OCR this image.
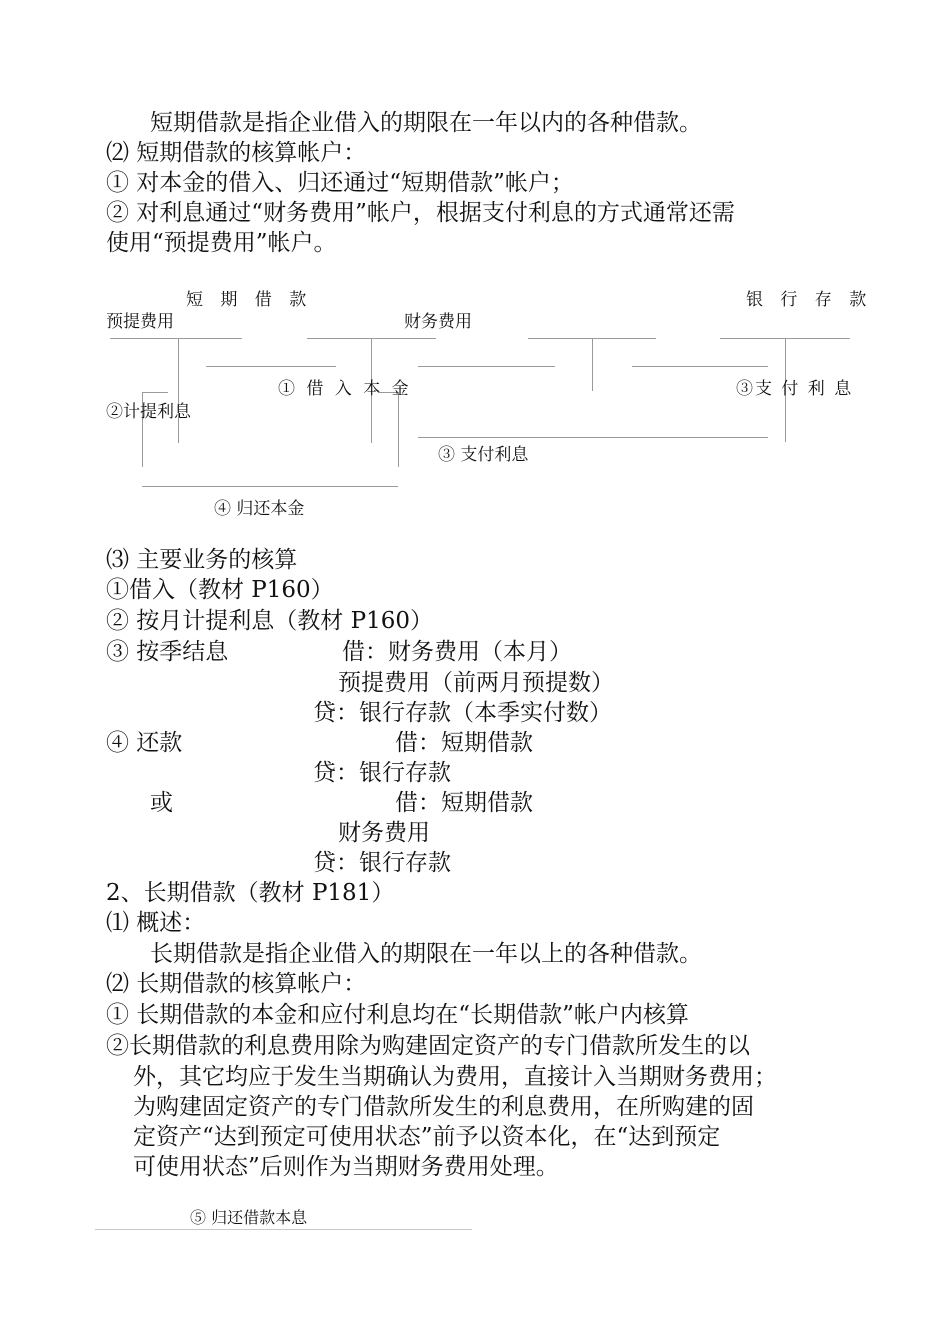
短期借款是指企业借入的期限在一年以内的各种借款。
⑵ 短期借款的核算帐户：
① 对本金的借入、归还通过“短期借款”帐户；
② 对利息通过“财务费用”帐户，根据支付利息的方式通常还需
使用“预提费用”帐户。
短 期 借 款	银 行 存 款
预提费用	财务费用
① 借 入 本 金	③支 付 利 息
②计提利息
③ 支付利息
④ 归还本金
⑶ 主要业务的核算
①借入（教材 P160）
② 按月计提利息（教材 P160）
③ 按季结息	借：财务费用（本月）
预提费用（前两月预提数）
贷：银行存款（本季实付数）
④ 还款	借：短期借款
贷：银行存款
或	借：短期借款
财务费用
贷：银行存款
2、长期借款（教材 P181）
⑴ 概述：
长期借款是指企业借入的期限在一年以上的各种借款。
⑵ 长期借款的核算帐户：
① 长期借款的本金和应付利息均在“长期借款”帐户内核算
②长期借款的利息费用除为购建固定资产的专门借款所发生的以
外，其它均应于发生当期确认为费用，直接计入当期财务费用；
为购建固定资产的专门借款所发生的利息费用，在所购建的固
定资产“达到预定可使用状态”前予以资本化，在“达到预定
可使用状态”后则作为当期财务费用处理。
⑤ 归还借款本息
